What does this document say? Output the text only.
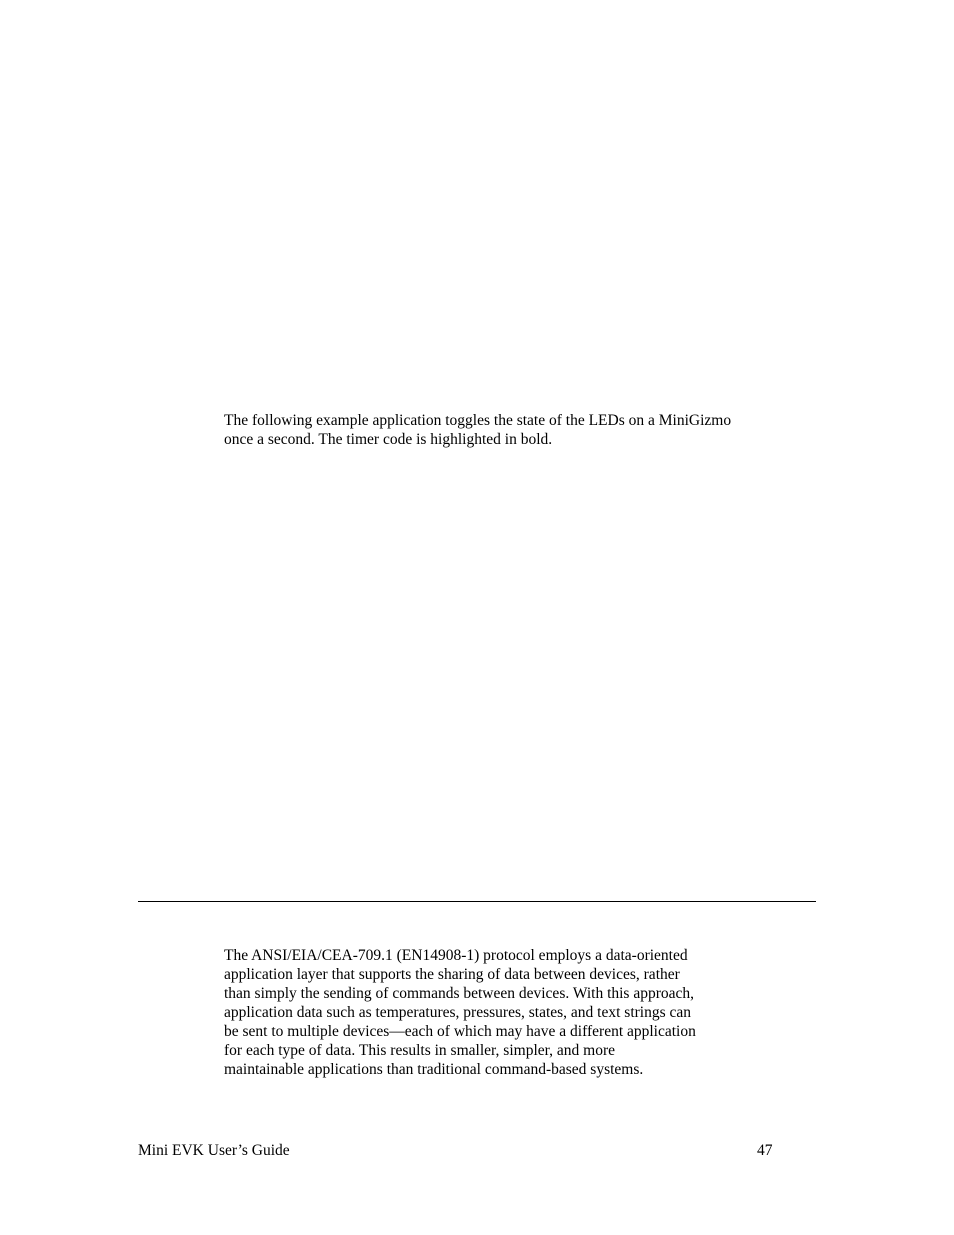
The following example application toggles the state of the LEDs on a MiniGizmo
once a second. The timer code is highlighted in bold.

The ANSI/EIA/CEA-709.1 (EN14908-1) protocol employs a data-oriented
application layer that supports the sharing of data between devices, rather
than simply the sending of commands between devices. With this approach,
application data such as temperatures, pressures, states, and text strings can
be sent to multiple devices—each of which may have a different application
for each type of data. This results in smaller, simpler, and more
maintainable applications than traditional command-based systems.

Mini EVK User’s Guide	47
